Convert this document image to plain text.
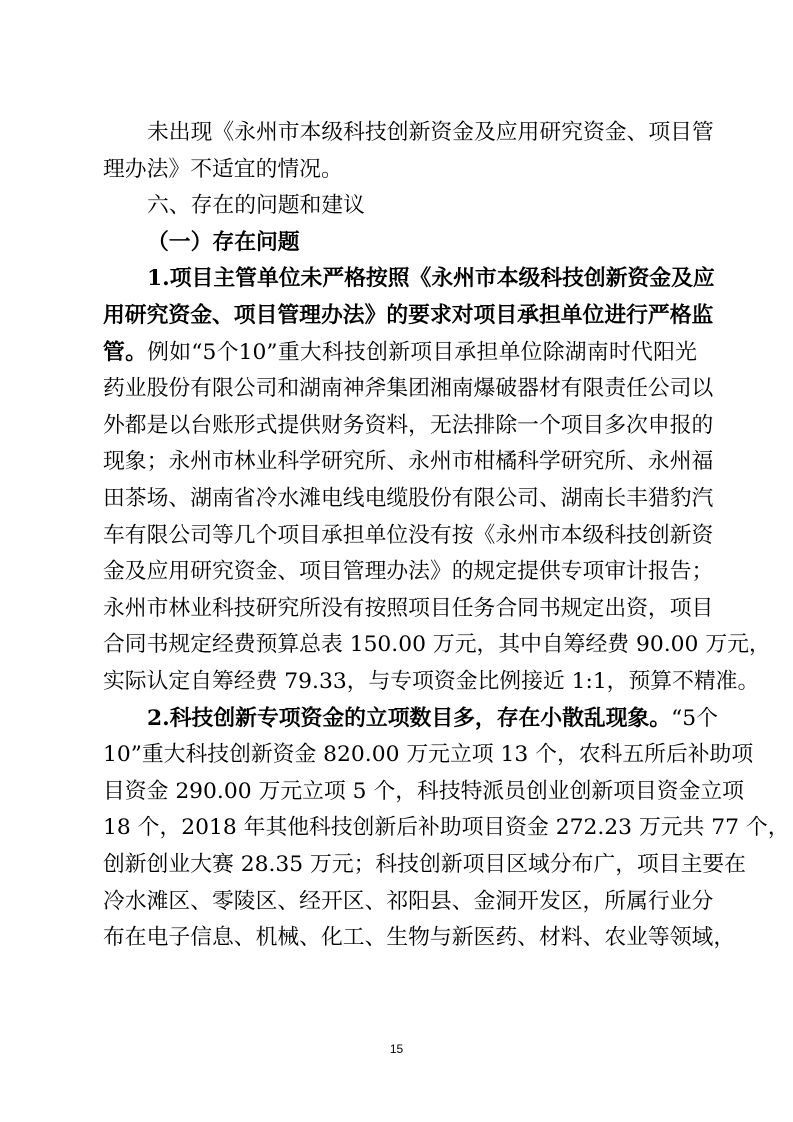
未出现《永州市本级科技创新资金及应用研究资金、项目管
理办法》不适宜的情况。
六、存在的问题和建议
（一）存在问题
1.项目主管单位未严格按照《永州市本级科技创新资金及应
用研究资金、项目管理办法》的要求对项目承担单位进行严格监
管。例如“5个10”重大科技创新项目承担单位除湖南时代阳光
药业股份有限公司和湖南神斧集团湘南爆破器材有限责任公司以
外都是以台账形式提供财务资料，无法排除一个项目多次申报的
现象；永州市林业科学研究所、永州市柑橘科学研究所、永州福
田茶场、湖南省冷水滩电线电缆股份有限公司、湖南长丰猎豹汽
车有限公司等几个项目承担单位没有按《永州市本级科技创新资
金及应用研究资金、项目管理办法》的规定提供专项审计报告；
永州市林业科技研究所没有按照项目任务合同书规定出资，项目
合同书规定经费预算总表 150.00 万元，其中自筹经费 90.00 万元，
实际认定自筹经费 79.33，与专项资金比例接近 1:1，预算不精准。
2.科技创新专项资金的立项数目多，存在小散乱现象。“5个
10”重大科技创新资金 820.00 万元立项 13 个，农科五所后补助项
目资金 290.00 万元立项 5 个，科技特派员创业创新项目资金立项
18 个，2018 年其他科技创新后补助项目资金 272.23 万元共 77 个，
创新创业大赛 28.35 万元；科技创新项目区域分布广，项目主要在
冷水滩区、零陵区、经开区、祁阳县、金洞开发区，所属行业分
布在电子信息、机械、化工、生物与新医药、材料、农业等领域，
15
